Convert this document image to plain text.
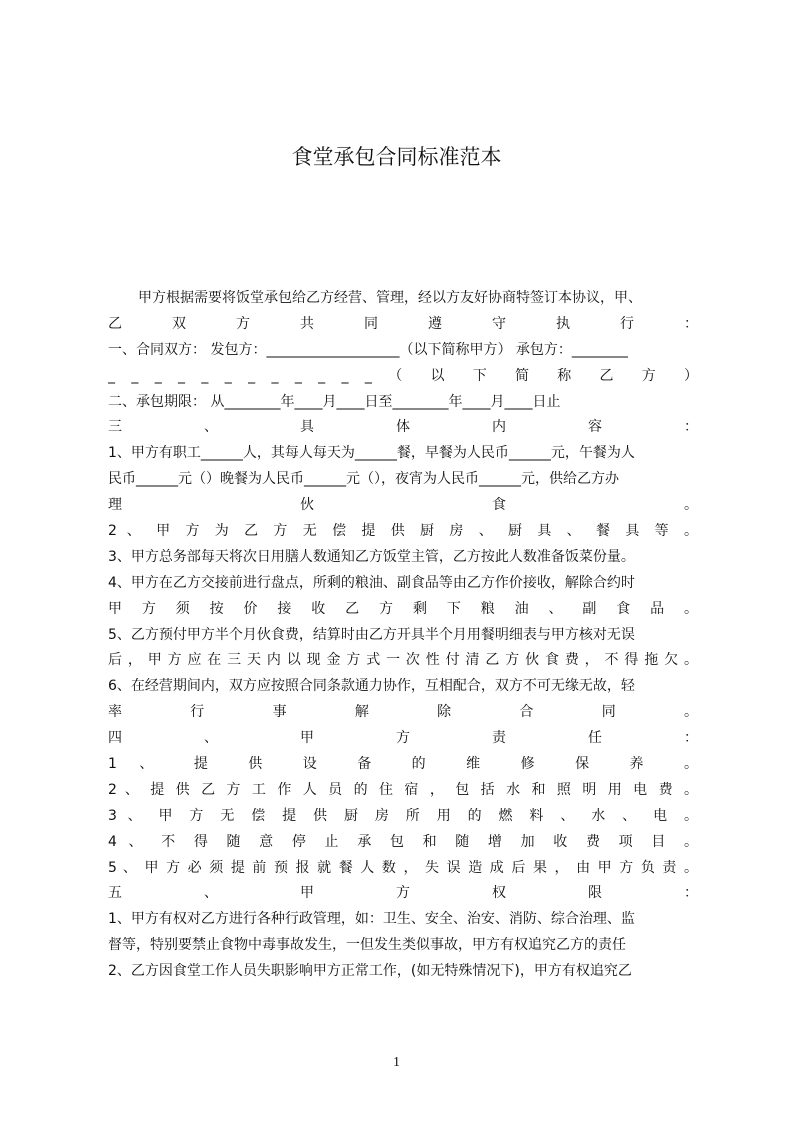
食堂承包合同标准范本
甲方根据需要将饭堂承包给乙方经营、管理，经以方友好协商特签订本协议，甲、
乙 双 方 共 同 遵 守 执 行 ：
一、合同双方： 发包方：___________________（以下简称甲方） 承包方：________
_ _ _ _ _ _ _ _ _ _ _ _ （ 以 下 简 称 乙 方 ）
二、承包期限： 从________年____月____日至________年____月____日止
三 、 具 体 内 容 ：
1、甲方有职工______人，其每人每天为______餐，早餐为人民币______元，午餐为人
民币______元（）晚餐为人民币______元（），夜宵为人民币______元，供给乙方办
理 伙 食 。
2 、 甲 方 为 乙 方 无 偿 提 供 厨 房 、 厨 具 、 餐 具 等 。
3、甲方总务部每天将次日用膳人数通知乙方饭堂主管，乙方按此人数准备饭菜份量。
4、甲方在乙方交接前进行盘点，所剩的粮油、副食品等由乙方作价接收，解除合约时
甲 方 须 按 价 接 收 乙 方 剩 下 粮 油 、 副 食 品 。
5、乙方预付甲方半个月伙食费，结算时由乙方开具半个月用餐明细表与甲方核对无误
后 ， 甲 方 应 在 三 天 内 以 现 金 方 式 一 次 性 付 清 乙 方 伙 食 费 ， 不 得 拖 欠 。
6、在经营期间内，双方应按照合同条款通力协作，互相配合，双方不可无缘无故，轻
率 行 事 解 除 合 同 。
四 、 甲 方 责 任 ：
1 、 提 供 设 备 的 维 修 保 养 。
2 、 提 供 乙 方 工 作 人 员 的 住 宿 ， 包 括 水 和 照 明 用 电 费 。
3 、 甲 方 无 偿 提 供 厨 房 所 用 的 燃 料 、 水 、 电 。
4 、 不 得 随 意 停 止 承 包 和 随 增 加 收 费 项 目 。
5 、 甲 方 必 须 提 前 预 报 就 餐 人 数 ， 失 误 造 成 后 果 ， 由 甲 方 负 责 。
五 、 甲 方 权 限 ：
1、甲方有权对乙方进行各种行政管理，如：卫生、安全、治安、消防、综合治理、监
督等，特别要禁止食物中毒事故发生，一但发生类似事故，甲方有权追究乙方的责任
2、乙方因食堂工作人员失职影响甲方正常工作，(如无特殊情况下)，甲方有权追究乙
1
